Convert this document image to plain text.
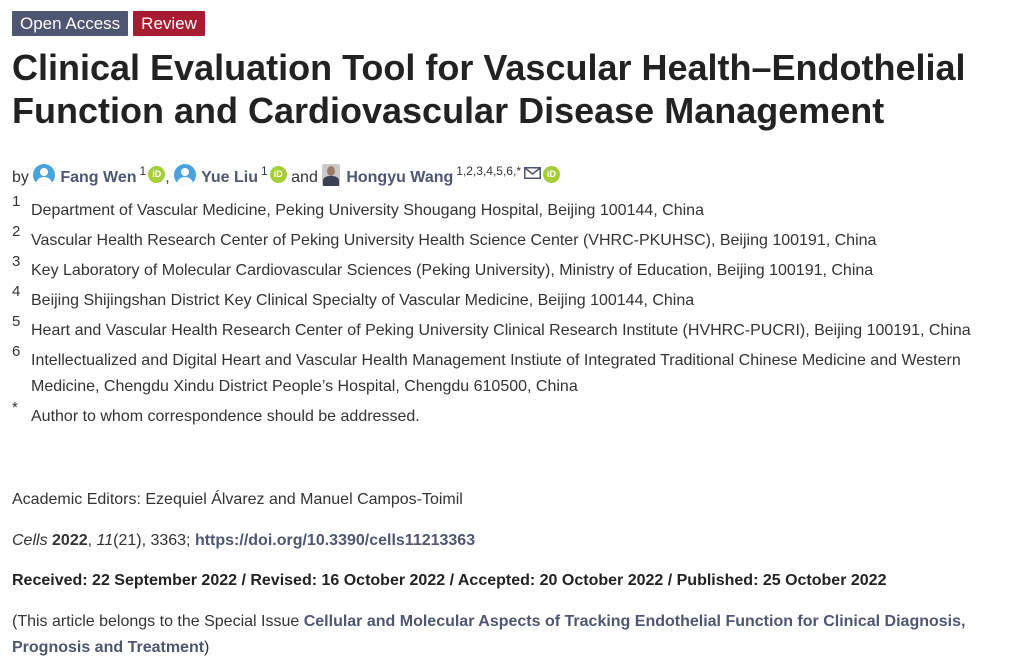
Open Access	Review
Clinical Evaluation Tool for Vascular Health–Endothelial Function and Cardiovascular Disease Management
by Fang Wen $^1$ iD , Yue Liu $^1$ iD and Hongyu Wang $^{1,2,3,4,5,6,*}$	iD
1
Department of Vascular Medicine, Peking University Shougang Hospital, Beijing 100144, China
2
Vascular Health Research Center of Peking University Health Science Center (VHRC-PKUHSC), Beijing 100191, China
3
Key Laboratory of Molecular Cardiovascular Sciences (Peking University), Ministry of Education, Beijing 100191, China
4
Beijing Shijingshan District Key Clinical Specialty of Vascular Medicine, Beijing 100144, China
5
Heart and Vascular Health Research Center of Peking University Clinical Research Institute (HVHRC-PUCRI), Beijing 100191, China
6
Intellectualized and Digital Heart and Vascular Health Management Instiute of Integrated Traditional Chinese Medicine and Western Medicine, Chengdu Xindu District People’s Hospital, Chengdu 610500, China
*
Author to whom correspondence should be addressed.
Academic Editors: Ezequiel Álvarez and Manuel Campos-Toimil
Cells 2022, 11(21), 3363; https://doi.org/10.3390/cells11213363
Received: 22 September 2022 / Revised: 16 October 2022 / Accepted: 20 October 2022 / Published: 25 October 2022
(This article belongs to the Special Issue Cellular and Molecular Aspects of Tracking Endothelial Function for Clinical Diagnosis, Prognosis and Treatment)
